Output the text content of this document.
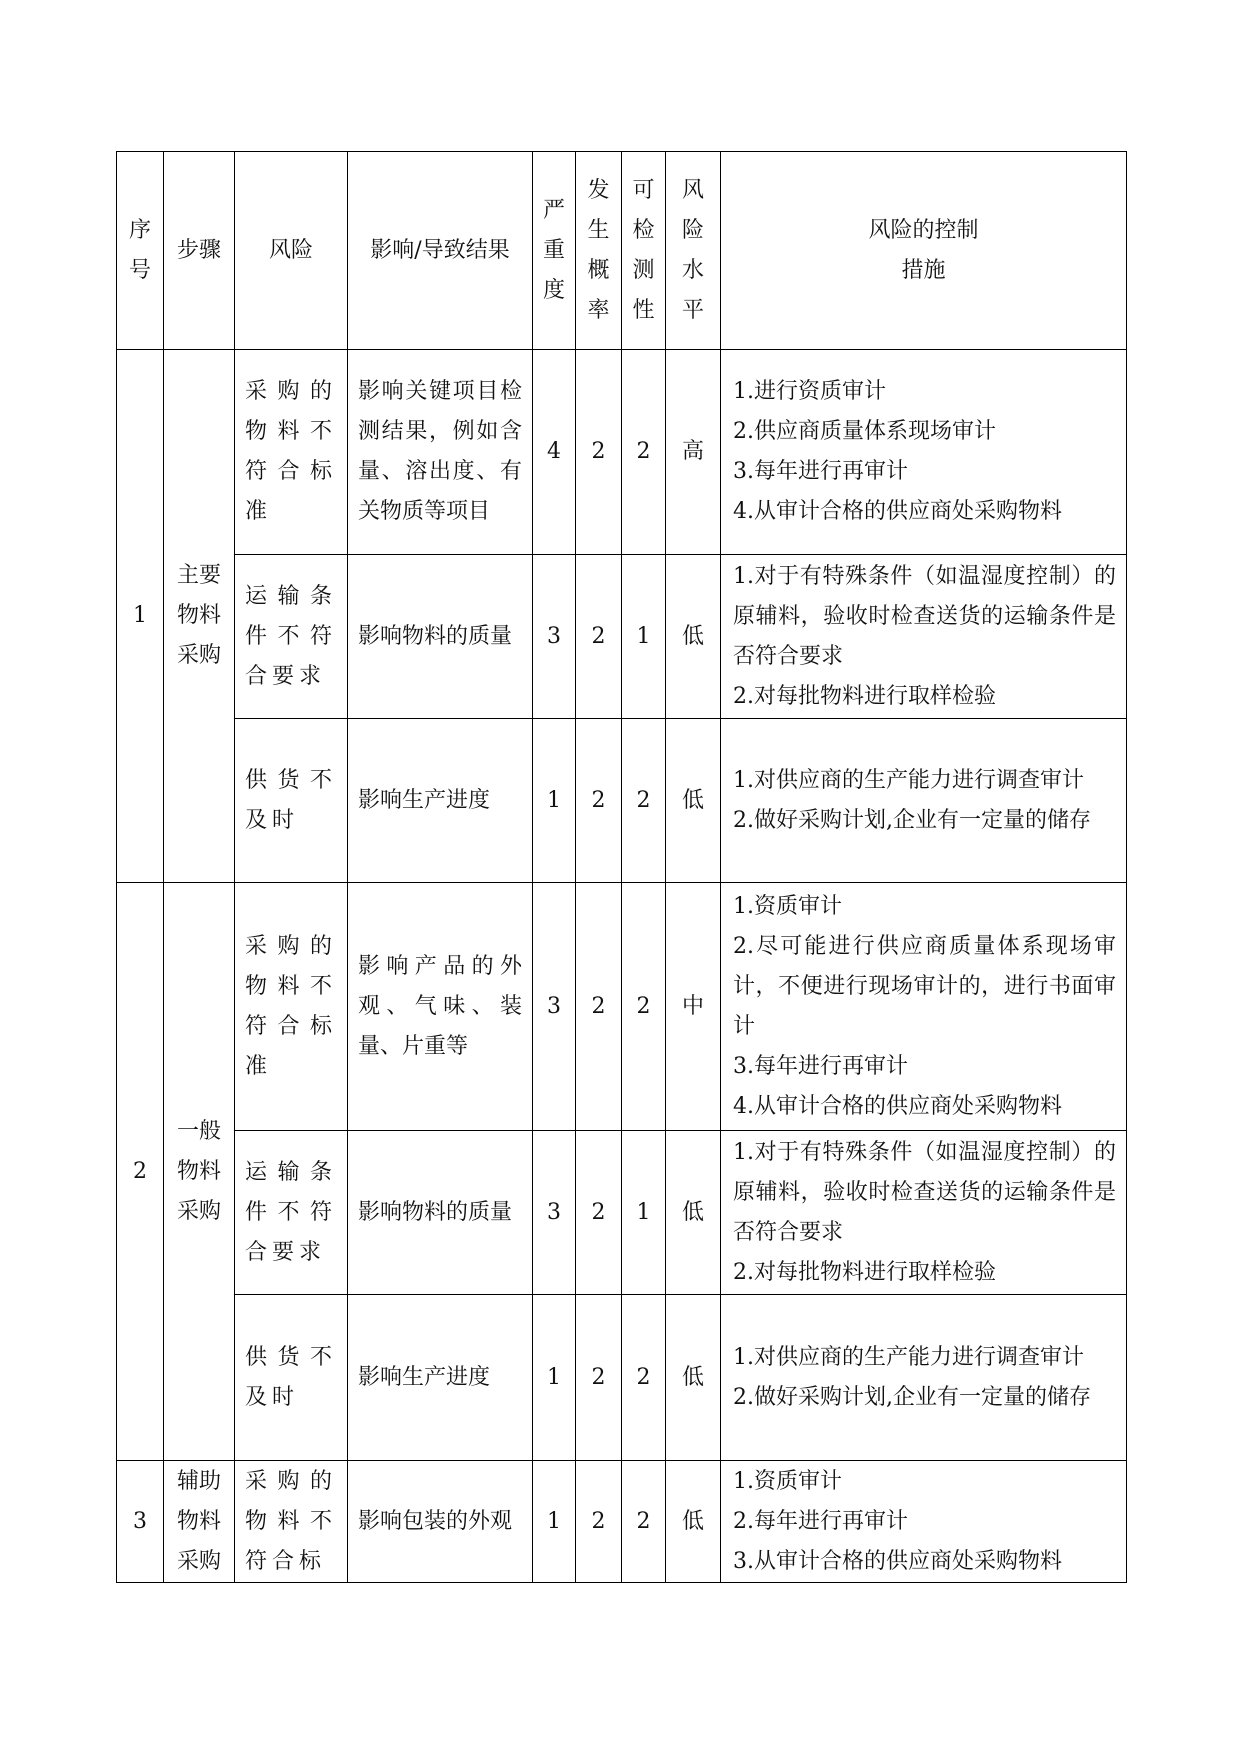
序号	步骤	风险	影响/导致结果	严重度	发生概率	可检测性	风险水平	风险的控制
措施

1	主要物料采购	采购的物料不符合标准	影响关键项目检测结果，例如含量、溶出度、有关物质等项目	4	2	2	高	1.进行资质审计
2.供应商质量体系现场审计
3.每年进行再审计
4.从审计合格的供应商处采购物料

		运输条件不符合要求	影响物料的质量	3	2	1	低	1.对于有特殊条件（如温湿度控制）的原辅料，验收时检查送货的运输条件是否符合要求
2.对每批物料进行取样检验

		供货不及时	影响生产进度	1	2	2	低	1.对供应商的生产能力进行调查审计
2.做好采购计划,企业有一定量的储存

2	一般物料采购	采购的物料不符合标准	影响产品的外观、气味、装量、片重等	3	2	2	中	1.资质审计
2.尽可能进行供应商质量体系现场审计，不便进行现场审计的，进行书面审计
3.每年进行再审计
4.从审计合格的供应商处采购物料

		运输条件不符合要求	影响物料的质量	3	2	1	低	1.对于有特殊条件（如温湿度控制）的原辅料，验收时检查送货的运输条件是否符合要求
2.对每批物料进行取样检验

		供货不及时	影响生产进度	1	2	2	低	1.对供应商的生产能力进行调查审计
2.做好采购计划,企业有一定量的储存

3	辅助物料采购	采购的物料不符合标	影响包装的外观	1	2	2	低	1.资质审计
2.每年进行再审计
3.从审计合格的供应商处采购物料
